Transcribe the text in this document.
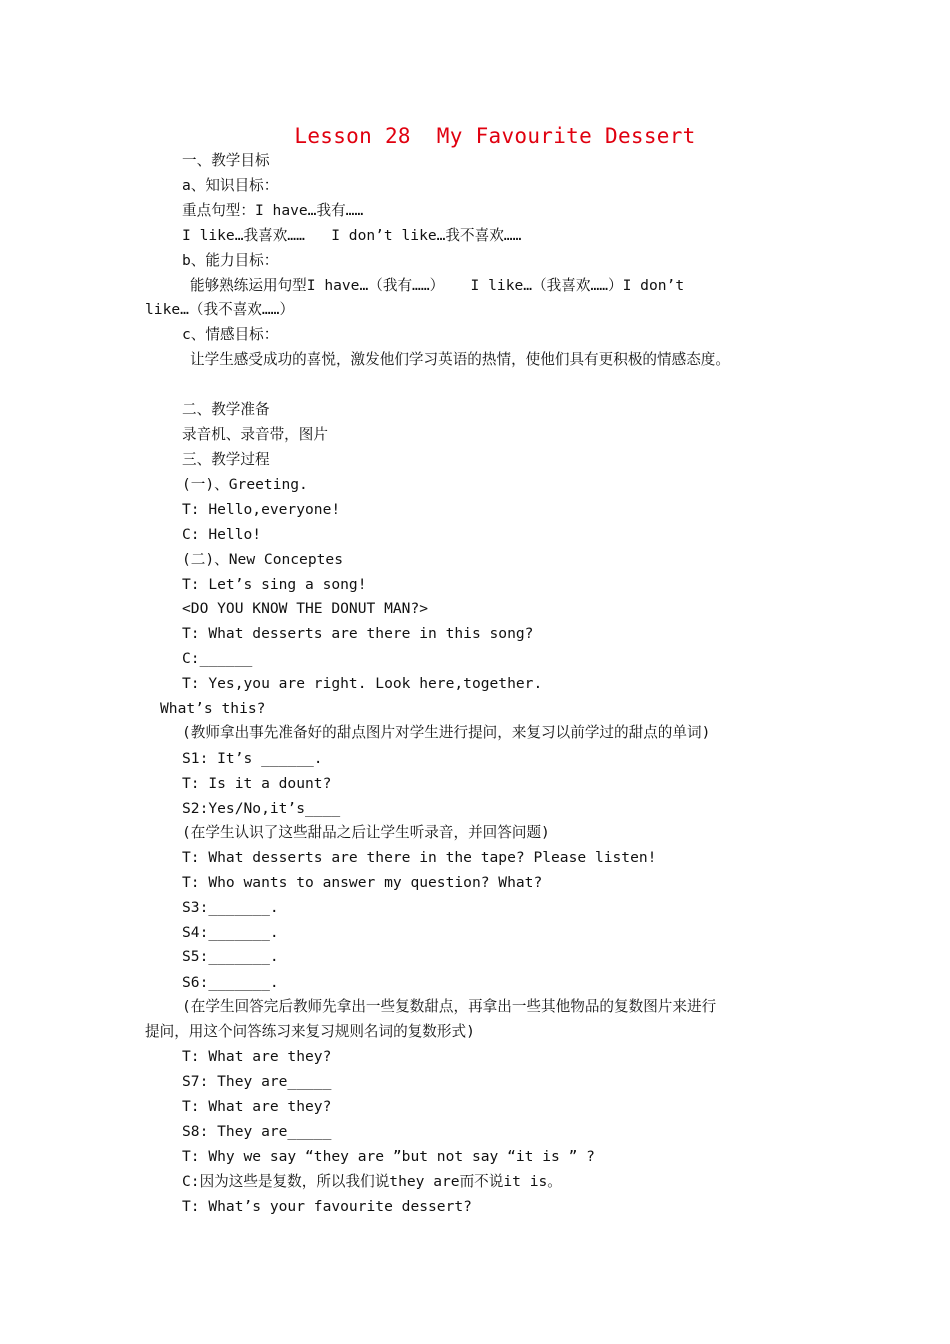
Lesson 28  My Favourite Dessert
一、教学目标
a、知识目标：
重点句型：I have…我有……
I like…我喜欢……   I don’t like…我不喜欢……
b、能力目标：
能够熟练运用句型I have…（我有……）   I like…（我喜欢……）I don’t
like…（我不喜欢……）
c、情感目标：
让学生感受成功的喜悦，激发他们学习英语的热情，使他们具有更积极的情感态度。
二、教学准备
录音机、录音带，图片
三、教学过程
(一)、Greeting.
T: Hello,everyone!
C: Hello!
(二)、New Conceptes
T: Let’s sing a song!
<DO YOU KNOW THE DONUT MAN?>
T: What desserts are there in this song?
C:______
T: Yes,you are right. Look here,together.
What’s this?
(教师拿出事先准备好的甜点图片对学生进行提问，来复习以前学过的甜点的单词)
S1: It’s ______.
T: Is it a dount?
S2:Yes/No,it’s____
(在学生认识了这些甜品之后让学生听录音，并回答问题)
T: What desserts are there in the tape? Please listen!
T: Who wants to answer my question? What?
S3:_______.
S4:_______.
S5:_______.
S6:_______.
(在学生回答完后教师先拿出一些复数甜点，再拿出一些其他物品的复数图片来进行
提问，用这个问答练习来复习规则名词的复数形式)
T: What are they?
S7: They are_____
T: What are they?
S8: They are_____
T: Why we say “they are ”but not say “it is ” ?
C:因为这些是复数，所以我们说they are而不说it is。
T: What’s your favourite dessert?
